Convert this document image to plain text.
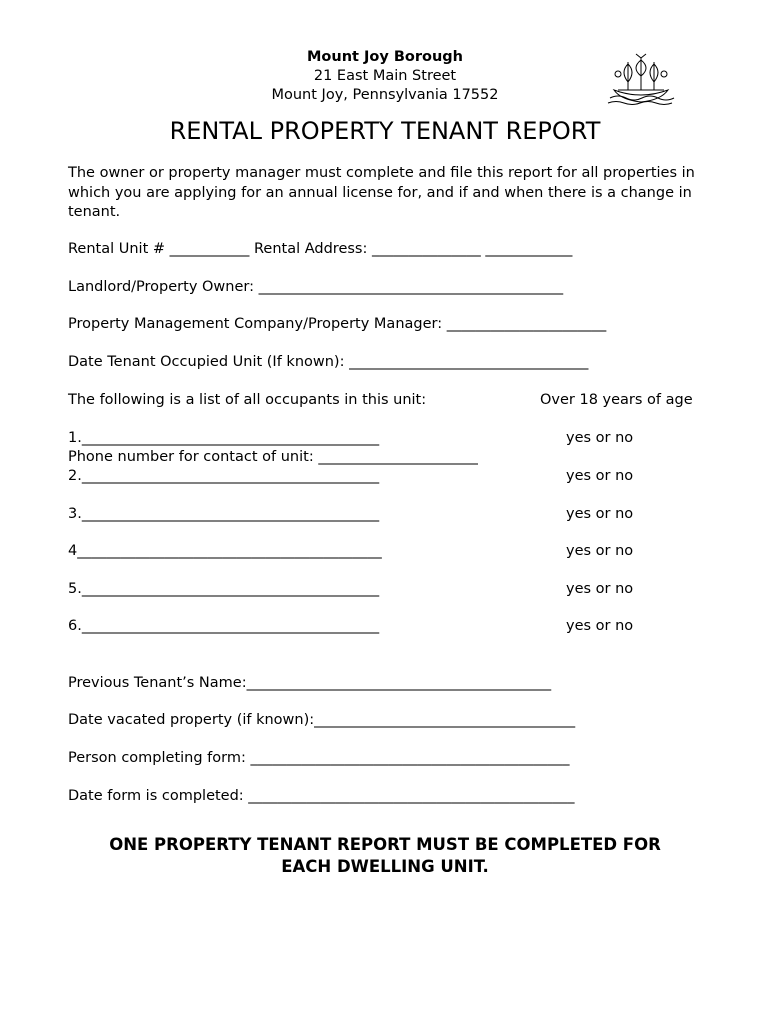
Mount Joy Borough
21 East Main Street
Mount Joy, Pennsylvania 17552
RENTAL PROPERTY TENANT REPORT
The owner or property manager must complete and file this report for all properties in which you are applying for an annual license for, and if and when there is a change in tenant.
Rental Unit # ___________ Rental Address: _______________ ____________
Landlord/Property Owner: __________________________________________
Property Management Company/Property Manager: ______________________
Date Tenant Occupied Unit (If known): _________________________________
The following is a list of all occupants in this unit:	Over 18 years of age
1._________________________________________	yes or no
Phone number for contact of unit: ______________________
2._________________________________________	yes or no
3._________________________________________	yes or no
4__________________________________________	yes or no
5._________________________________________	yes or no
6._________________________________________	yes or no
Previous Tenant’s Name:__________________________________________
Date vacated property (if known):____________________________________
Person completing form: ____________________________________________
Date form is completed: _____________________________________________
ONE PROPERTY TENANT REPORT MUST BE COMPLETED FOR EACH DWELLING UNIT.
